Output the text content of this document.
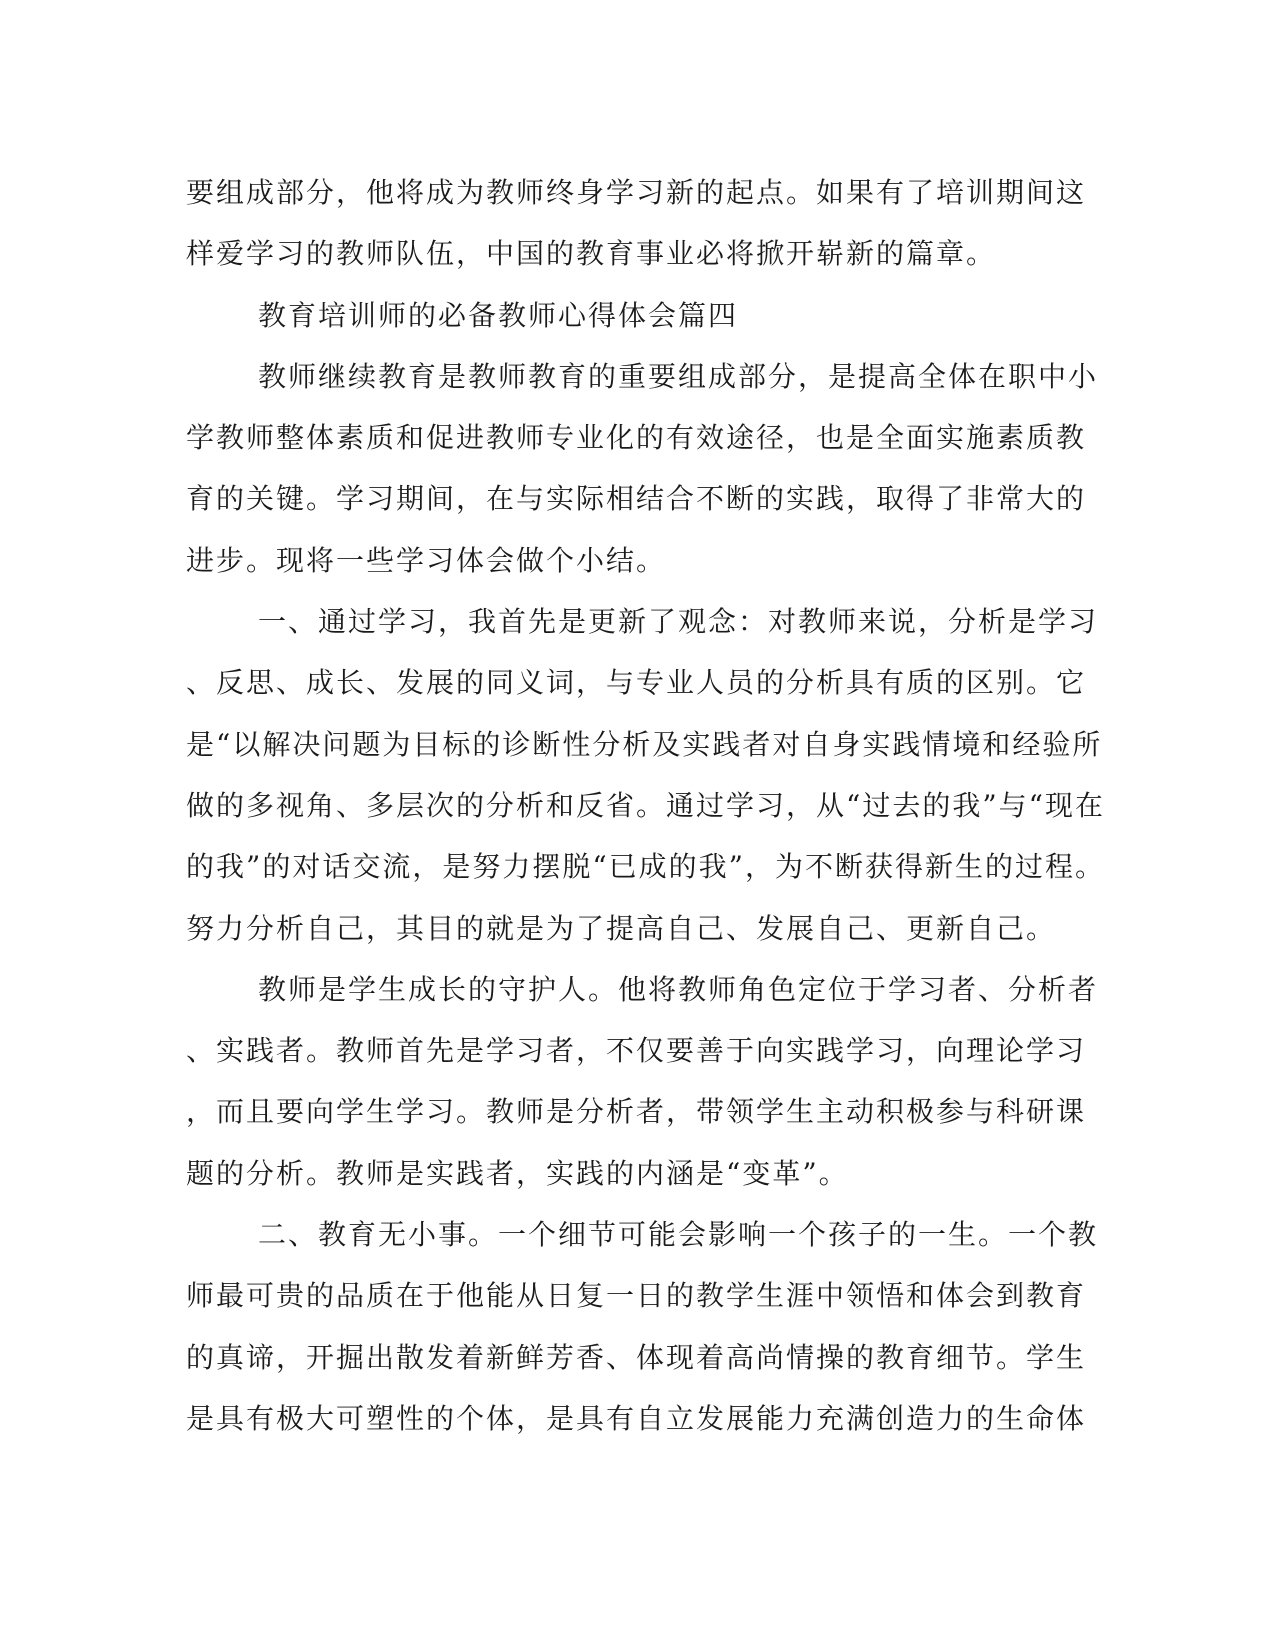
要组成部分，他将成为教师终身学习新的起点。如果有了培训期间这
样爱学习的教师队伍，中国的教育事业必将掀开崭新的篇章。
教育培训师的必备教师心得体会篇四
教师继续教育是教师教育的重要组成部分，是提高全体在职中小
学教师整体素质和促进教师专业化的有效途径，也是全面实施素质教
育的关键。学习期间，在与实际相结合不断的实践，取得了非常大的
进步。现将一些学习体会做个小结。
一、通过学习，我首先是更新了观念：对教师来说，分析是学习
、反思、成长、发展的同义词，与专业人员的分析具有质的区别。它
是“以解决问题为目标的诊断性分析及实践者对自身实践情境和经验所
做的多视角、多层次的分析和反省。通过学习，从“过去的我”与“现在
的我”的对话交流，是努力摆脱“已成的我”，为不断获得新生的过程。
努力分析自己，其目的就是为了提高自己、发展自己、更新自己。
教师是学生成长的守护人。他将教师角色定位于学习者、分析者
、实践者。教师首先是学习者，不仅要善于向实践学习，向理论学习
，而且要向学生学习。教师是分析者，带领学生主动积极参与科研课
题的分析。教师是实践者，实践的内涵是“变革”。
二、教育无小事。一个细节可能会影响一个孩子的一生。一个教
师最可贵的品质在于他能从日复一日的教学生涯中领悟和体会到教育
的真谛，开掘出散发着新鲜芳香、体现着高尚情操的教育细节。学生
是具有极大可塑性的个体，是具有自立发展能力充满创造力的生命体
